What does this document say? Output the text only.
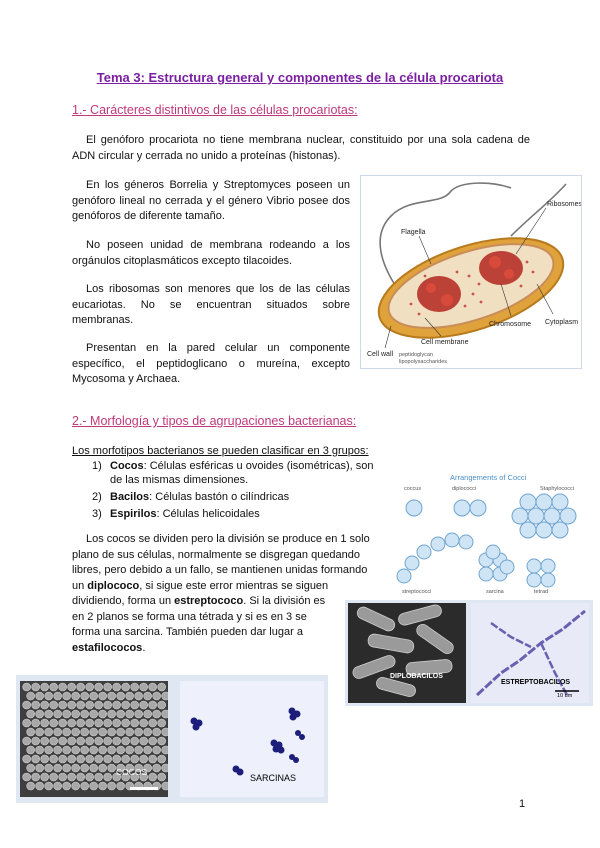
Tema 3: Estructura general y componentes de la célula procariota
1.- Carácteres distintivos de las células procariotas:
El genóforo procariota no tiene membrana nuclear, constituido por una sola cadena de ADN circular y cerrada no unido a proteínas (histonas).
En los géneros Borrelia y Streptomyces poseen un genóforo lineal no cerrada y el género Vibrio posee dos genóforos de diferente tamaño.
No poseen unidad de membrana rodeando a los orgánulos citoplasmáticos excepto tilacoides.
Los ribosomas son menores que los de las células eucariotas. No se encuentran situados sobre membranas.
Presentan en la pared celular un componente específico, el peptidoglicano o mureína, excepto Mycosoma y Archaea.
Ribosomes
Flagella
Chromosome Cytoplasm
Cell membrane
Cell wall peptidoglycan
lipopolysaccharides
2.- Morfología y tipos de agrupaciones bacterianas:
Los morfotipos bacterianos se pueden clasificar en 3 grupos:
1) Cocos: Células esféricas u ovoides (isométricas), son de las mismas dimensiones.
2) Bacilos: Células bastón o cilíndricas
3) Espirilos: Células helicoidales
Los cocos se dividen pero la división se produce en 1 solo
plano de sus células, normalmente se disgregan quedando
libres, pero debido a un fallo, se mantienen unidas formando
un diplococo, si sigue este error mientras se siguen
dividiendo, forma un estreptococo. Si la división es
en 2 planos se forma una tétrada y si es en 3 se
forma una sarcina. También pueden dar lugar a
estafilococos.
Arrangements of Cocci
coccus	diplococci	Staphylococci
streptococci	sarcina	tetrad
DIPLOBACILOS
ESTREPTOBACILOS
10 um
COCOS
SARCINAS
1
